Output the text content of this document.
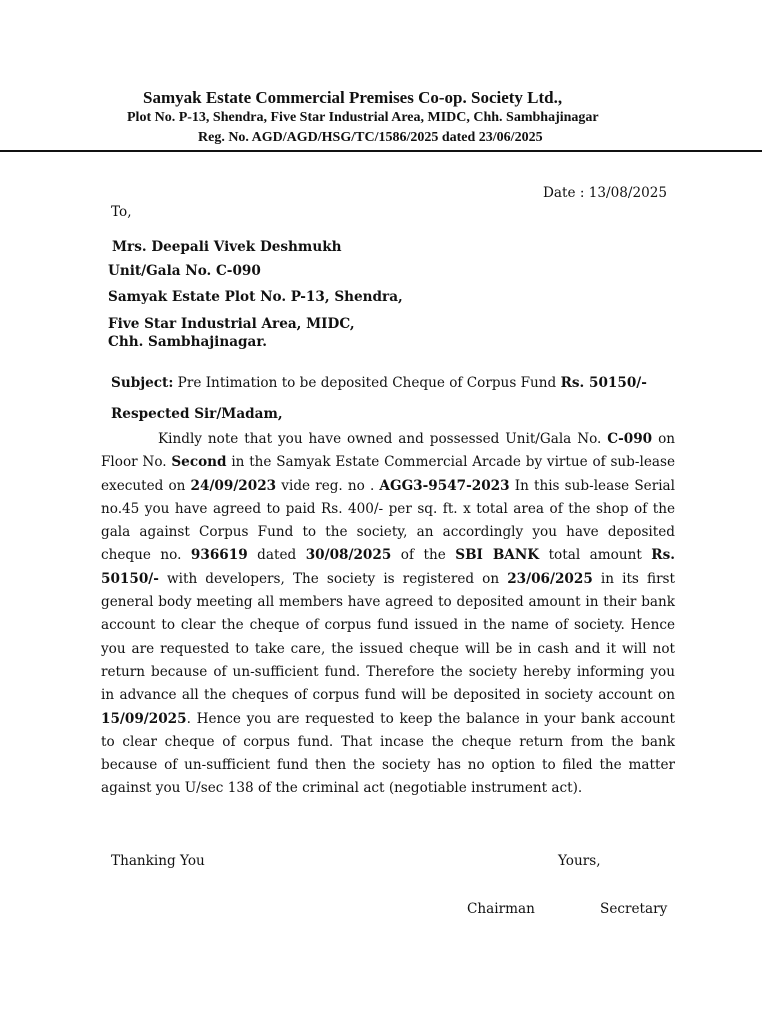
Samyak Estate Commercial Premises Co-op. Society Ltd.,
Plot No. P-13, Shendra, Five Star Industrial Area, MIDC, Chh. Sambhajinagar
Reg. No. AGD/AGD/HSG/TC/1586/2025 dated 23/06/2025
Date : 13/08/2025
To,
Mrs. Deepali Vivek Deshmukh
Unit/Gala No. C-090
Samyak Estate Plot No. P-13, Shendra,
Five Star Industrial Area, MIDC,
Chh. Sambhajinagar.
Subject: Pre Intimation to be deposited Cheque of Corpus Fund Rs. 50150/-
Respected Sir/Madam,
Kindly note that you have owned and possessed Unit/Gala No. C-090 on Floor No. Second in the Samyak Estate Commercial Arcade by virtue of sub-lease executed on 24/09/2023 vide reg. no . AGG3-9547-2023 In this sub-lease Serial no.45 you have agreed to paid Rs. 400/- per sq. ft. x total area of the shop of the gala against Corpus Fund to the society, an accordingly you have deposited cheque no. 936619 dated 30/08/2025 of the SBI BANK total amount Rs. 50150/- with developers, The society is registered on 23/06/2025 in its first general body meeting all members have agreed to deposited amount in their bank account to clear the cheque of corpus fund issued in the name of society. Hence you are requested to take care, the issued cheque will be in cash and it will not return because of un-sufficient fund. Therefore the society hereby informing you in advance all the cheques of corpus fund will be deposited in society account on 15/09/2025. Hence you are requested to keep the balance in your bank account to clear cheque of corpus fund. That incase the cheque return from the bank because of un-sufficient fund then the society has no option to filed the matter against you U/sec 138 of the criminal act (negotiable instrument act).
Thanking You	Yours,
Chairman	Secretary
